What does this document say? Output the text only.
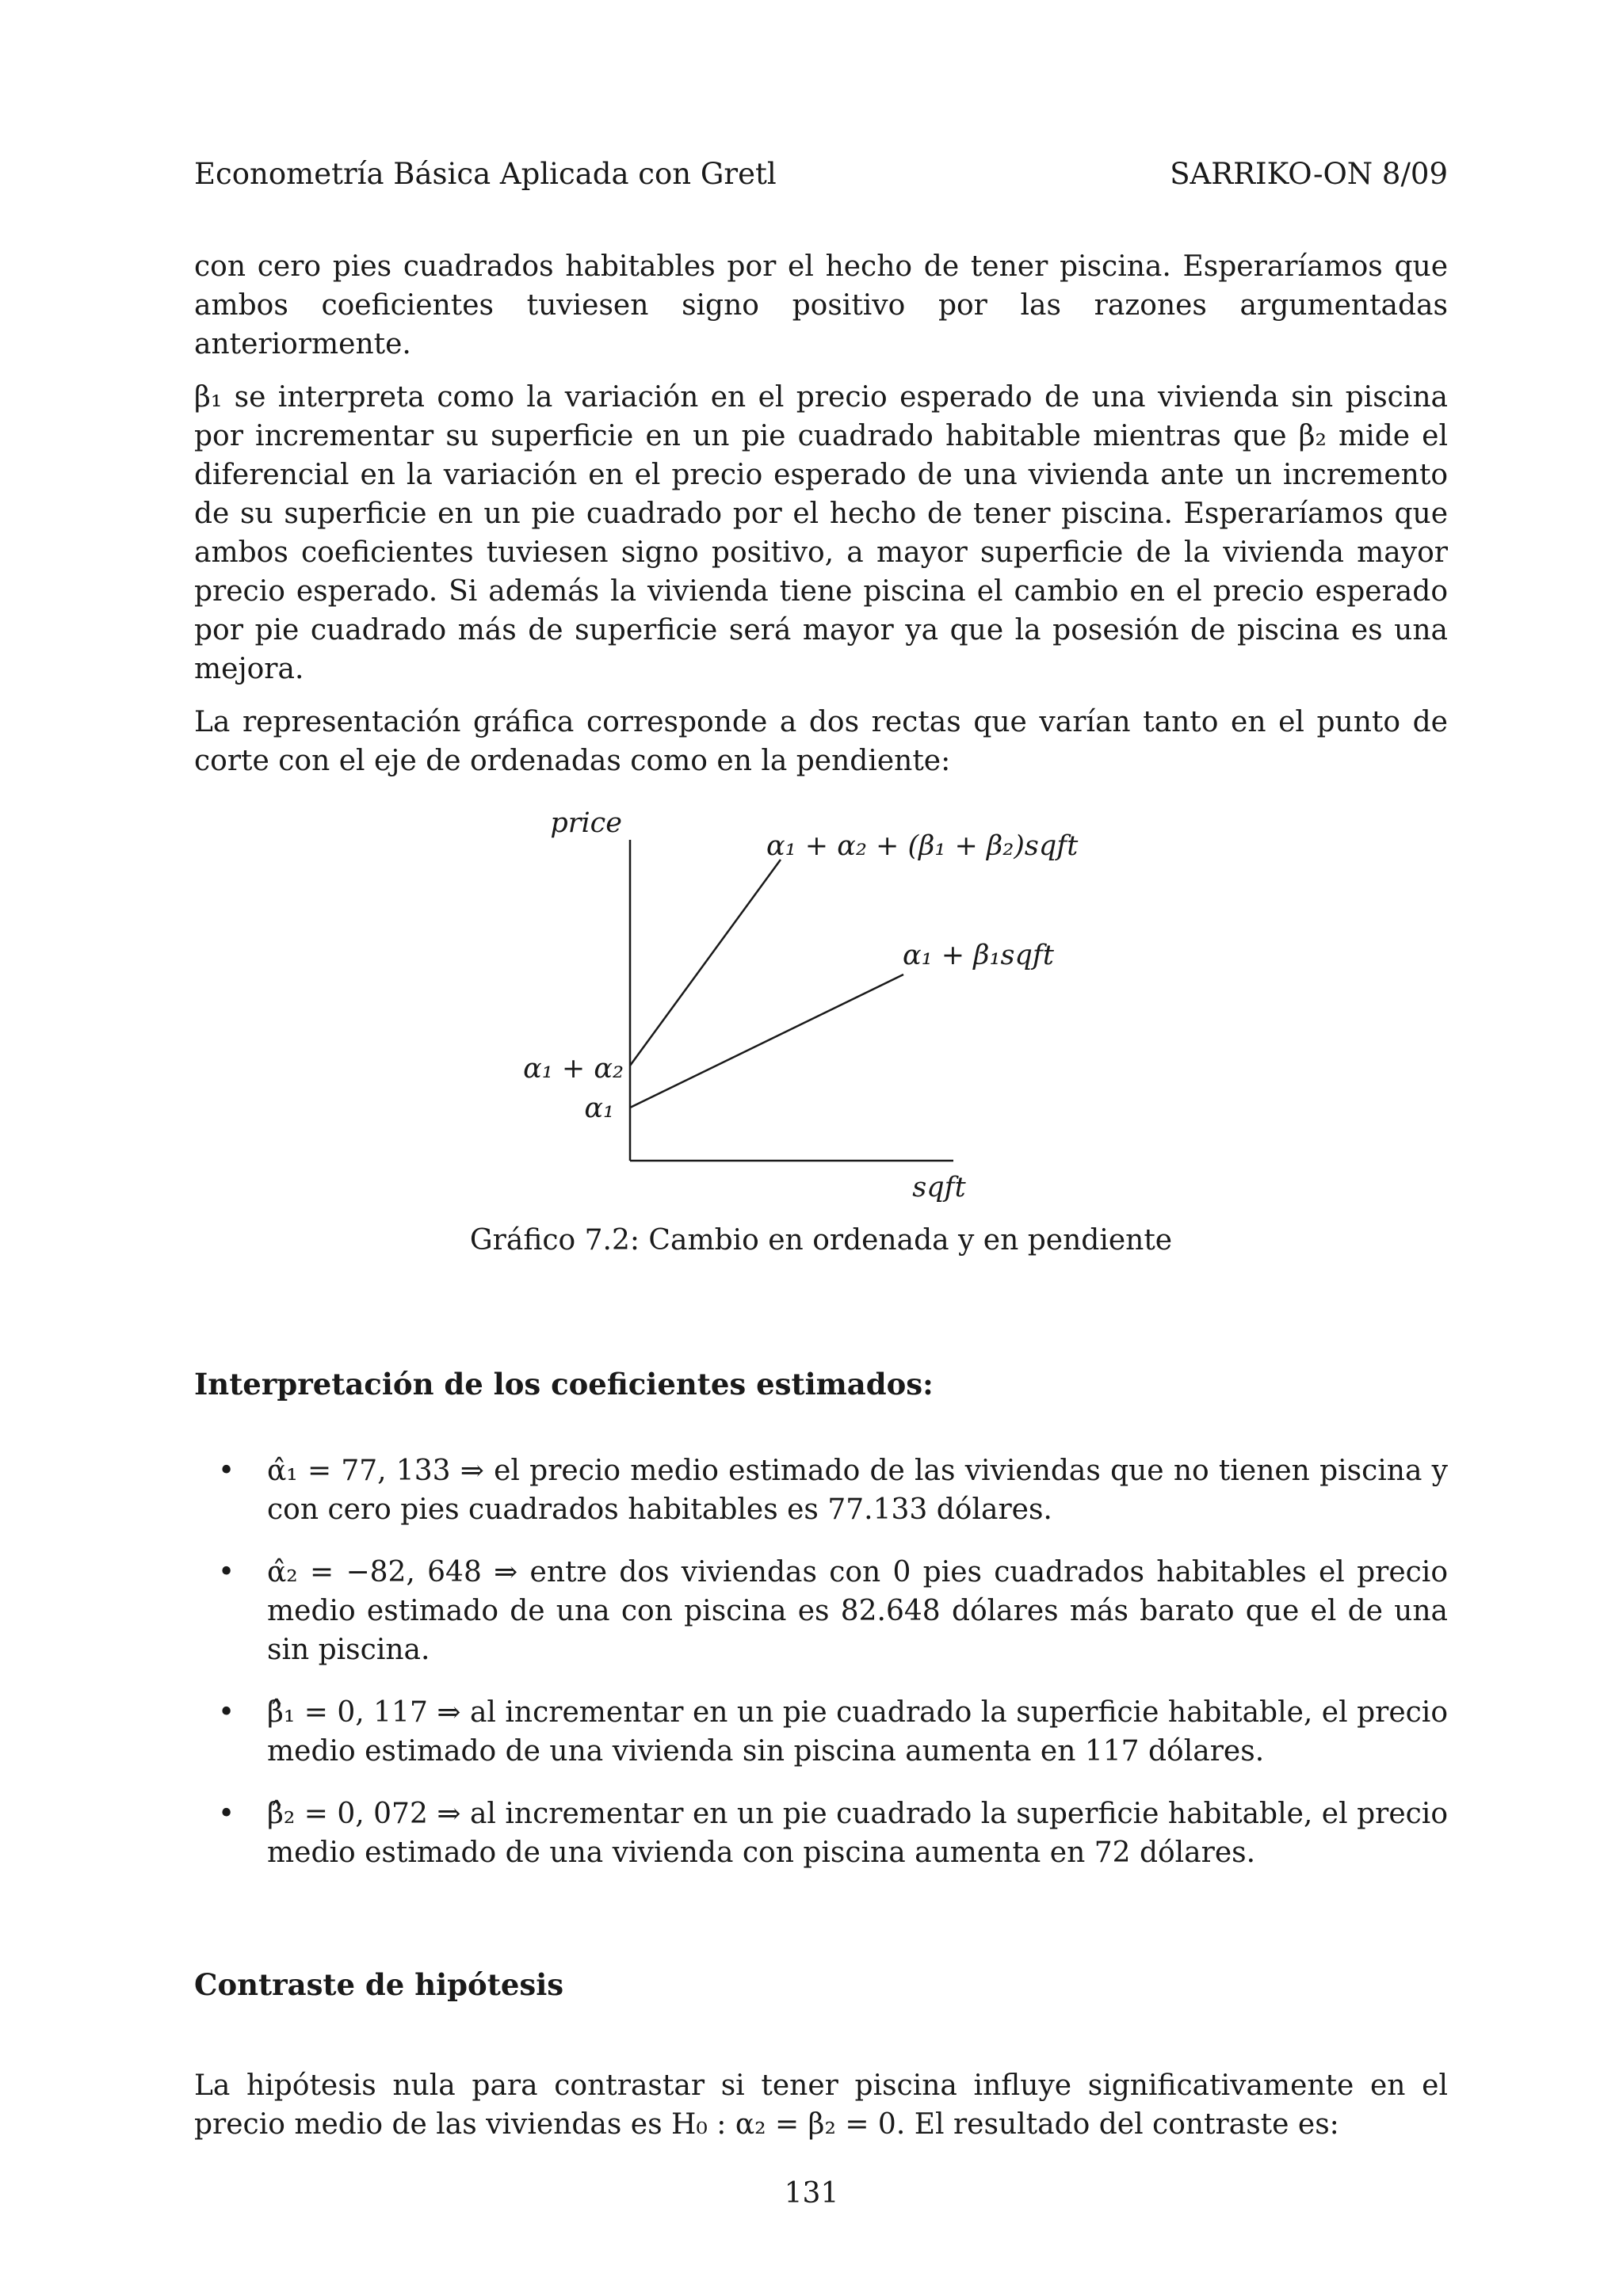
Econometría Básica Aplicada con Gretl	SARRIKO-ON 8/09

con cero pies cuadrados habitables por el hecho de tener piscina. Esperaríamos que ambos coeficientes tuviesen signo positivo por las razones argumentadas anteriormente.

β₁ se interpreta como la variación en el precio esperado de una vivienda sin piscina por incrementar su superficie en un pie cuadrado habitable mientras que β₂ mide el diferencial en la variación en el precio esperado de una vivienda ante un incremento de su superficie en un pie cuadrado por el hecho de tener piscina. Esperaríamos que ambos coeficientes tuviesen signo positivo, a mayor superficie de la vivienda mayor precio esperado. Si además la vivienda tiene piscina el cambio en el precio esperado por pie cuadrado más de superficie será mayor ya que la posesión de piscina es una mejora.

La representación gráfica corresponde a dos rectas que varían tanto en el punto de corte con el eje de ordenadas como en la pendiente:

price
sqft
α₁ + α₂ + (β₁ + β₂)sqft
α₁ + β₁sqft
α₁ + α₂
α₁
Gráfico 7.2: Cambio en ordenada y en pendiente
Interpretación de los coeficientes estimados:
• α̂₁ = 77, 133 ⇒ el precio medio estimado de las viviendas que no tienen piscina y con cero pies cuadrados habitables es 77.133 dólares.
• α̂₂ = −82, 648 ⇒ entre dos viviendas con 0 pies cuadrados habitables el precio medio estimado de una con piscina es 82.648 dólares más barato que el de una sin piscina.
• β̂₁ = 0, 117 ⇒ al incrementar en un pie cuadrado la superficie habitable, el precio medio estimado de una vivienda sin piscina aumenta en 117 dólares.
• β̂₂ = 0, 072 ⇒ al incrementar en un pie cuadrado la superficie habitable, el precio medio estimado de una vivienda con piscina aumenta en 72 dólares.
Contraste de hipótesis

La hipótesis nula para contrastar si tener piscina influye significativamente en el precio medio de las viviendas es H₀ : α₂ = β₂ = 0. El resultado del contraste es:

131
